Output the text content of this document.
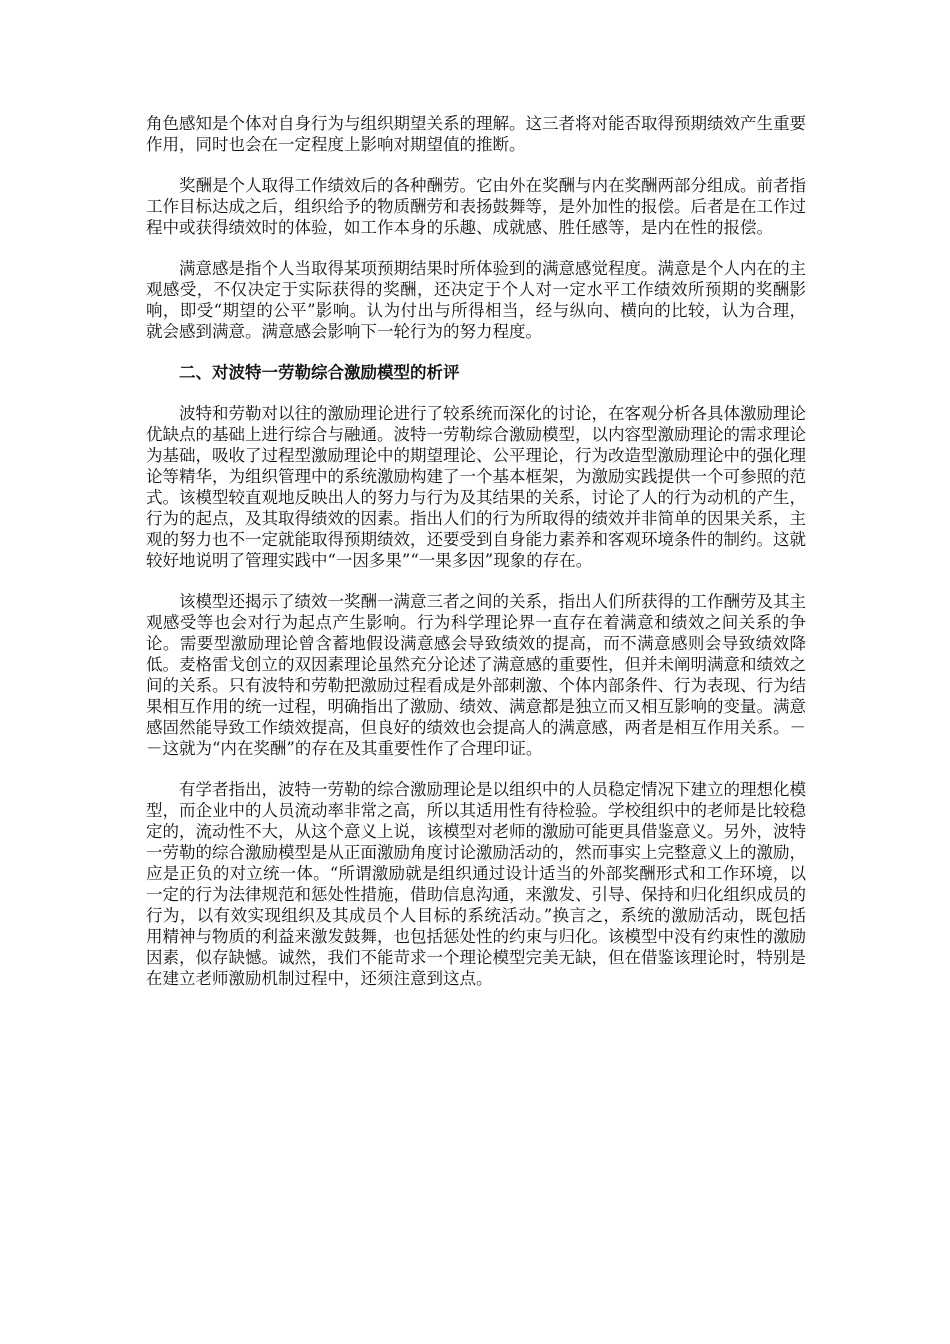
角色感知是个体对自身行为与组织期望关系的理解。这三者将对能否取得预期绩效产生重要作用，同时也会在一定程度上影响对期望值的推断。

奖酬是个人取得工作绩效后的各种酬劳。它由外在奖酬与内在奖酬两部分组成。前者指工作目标达成之后，组织给予的物质酬劳和表扬鼓舞等，是外加性的报偿。后者是在工作过程中或获得绩效时的体验，如工作本身的乐趣、成就感、胜任感等，是内在性的报偿。

满意感是指个人当取得某项预期结果时所体验到的满意感觉程度。满意是个人内在的主观感受，不仅决定于实际获得的奖酬，还决定于个人对一定水平工作绩效所预期的奖酬影响，即受“期望的公平”影响。认为付出与所得相当，经与纵向、横向的比较，认为合理，就会感到满意。满意感会影响下一轮行为的努力程度。

二、对波特一劳勒综合激励模型的析评

波特和劳勒对以往的激励理论进行了较系统而深化的讨论，在客观分析各具体激励理论优缺点的基础上进行综合与融通。波特一劳勒综合激励模型，以内容型激励理论的需求理论为基础，吸收了过程型激励理论中的期望理论、公平理论，行为改造型激励理论中的强化理论等精华，为组织管理中的系统激励构建了一个基本框架，为激励实践提供一个可参照的范式。该模型较直观地反映出人的努力与行为及其结果的关系，讨论了人的行为动机的产生，行为的起点，及其取得绩效的因素。指出人们的行为所取得的绩效并非简单的因果关系，主观的努力也不一定就能取得预期绩效，还要受到自身能力素养和客观环境条件的制约。这就较好地说明了管理实践中“一因多果”“一果多因”现象的存在。

该模型还揭示了绩效一奖酬一满意三者之间的关系，指出人们所获得的工作酬劳及其主观感受等也会对行为起点产生影响。行为科学理论界一直存在着满意和绩效之间关系的争论。需要型激励理论曾含蓄地假设满意感会导致绩效的提高，而不满意感则会导致绩效降低。麦格雷戈创立的双因素理论虽然充分论述了满意感的重要性，但并未阐明满意和绩效之间的关系。只有波特和劳勒把激励过程看成是外部刺激、个体内部条件、行为表现、行为结果相互作用的统一过程，明确指出了激励、绩效、满意都是独立而又相互影响的变量。满意感固然能导致工作绩效提高，但良好的绩效也会提高人的满意感，两者是相互作用关系。－－这就为“内在奖酬”的存在及其重要性作了合理印证。

有学者指出，波特一劳勒的综合激励理论是以组织中的人员稳定情况下建立的理想化模型，而企业中的人员流动率非常之高，所以其适用性有待检验。学校组织中的老师是比较稳定的，流动性不大，从这个意义上说，该模型对老师的激励可能更具借鉴意义。另外，波特一劳勒的综合激励模型是从正面激励角度讨论激励活动的，然而事实上完整意义上的激励，应是正负的对立统一体。“所谓激励就是组织通过设计适当的外部奖酬形式和工作环境，以一定的行为法律规范和惩处性措施，借助信息沟通，来激发、引导、保持和归化组织成员的行为，以有效实现组织及其成员个人目标的系统活动。”换言之，系统的激励活动，既包括用精神与物质的利益来激发鼓舞，也包括惩处性的约束与归化。该模型中没有约束性的激励因素，似存缺憾。诚然，我们不能苛求一个理论模型完美无缺，但在借鉴该理论时，特别是在建立老师激励机制过程中，还须注意到这点。
